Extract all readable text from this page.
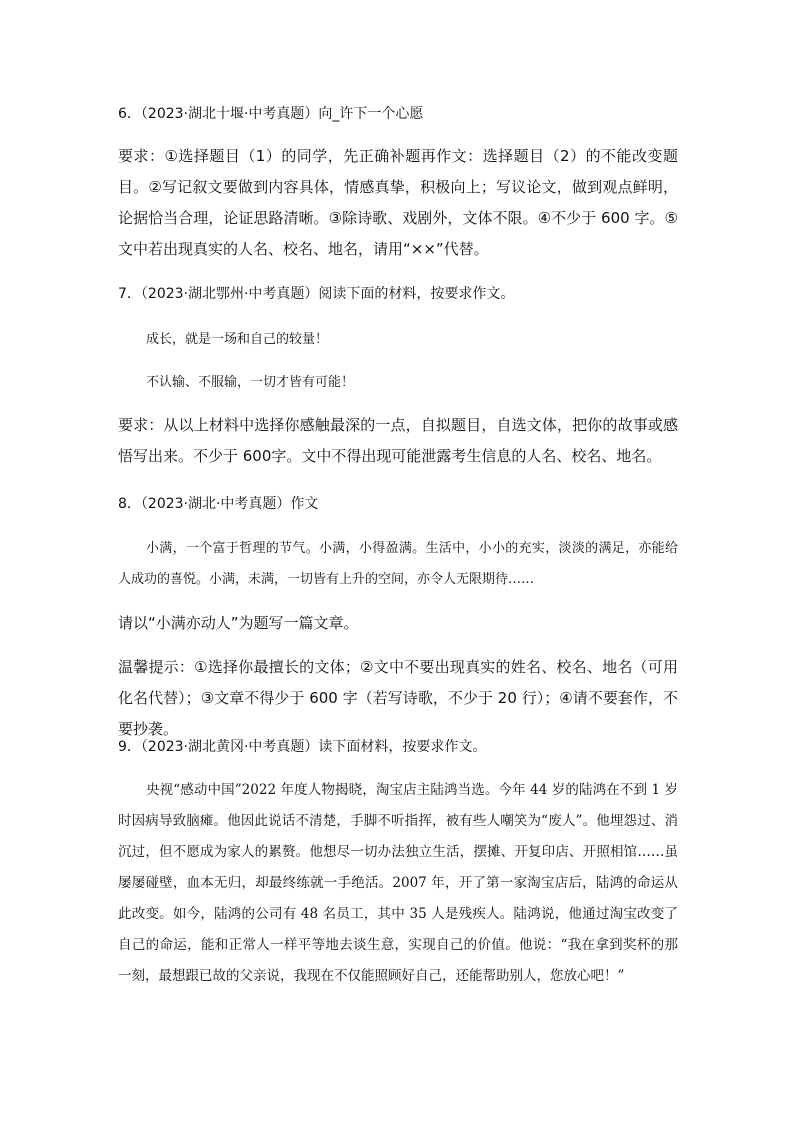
6．（2023·湖北十堰·中考真题）向_许下一个心愿

要求：①选择题目（1）的同学，先正确补题再作文：选择题目（2）的不能改变题目。②写记叙文要做到内容具体，情感真挚，积极向上；写议论文，做到观点鲜明，论据恰当合理，论证思路清晰。③除诗歌、戏剧外，文体不限。④不少于 600 字。⑤文中若出现真实的人名、校名、地名，请用“××”代替。

7．（2023·湖北鄂州·中考真题）阅读下面的材料，按要求作文。

成长，就是一场和自己的较量！

不认输、不服输，一切才皆有可能！

要求：从以上材料中选择你感触最深的一点，自拟题目，自选文体，把你的故事或感悟写出来。不少于 600字。文中不得出现可能泄露考生信息的人名、校名、地名。

8．（2023·湖北·中考真题）作文

小满，一个富于哲理的节气。小满，小得盈满。生活中，小小的充实，淡淡的满足，亦能给人成功的喜悦。小满，未满，一切皆有上升的空间，亦令人无限期待……

请以“小满亦动人”为题写一篇文章。

温馨提示：①选择你最擅长的文体；②文中不要出现真实的姓名、校名、地名（可用化名代替）；③文章不得少于 600 字（若写诗歌，不少于 20 行）；④请不要套作，不要抄袭。

9．（2023·湖北黄冈·中考真题）读下面材料，按要求作文。

央视“感动中国”2022 年度人物揭晓，淘宝店主陆鸿当选。今年 44 岁的陆鸿在不到 1 岁时因病导致脑瘫。他因此说话不清楚，手脚不听指挥，被有些人嘲笑为“废人”。他埋怨过、消沉过，但不愿成为家人的累赘。他想尽一切办法独立生活，摆摊、开复印店、开照相馆……虽屡屡碰壁，血本无归，却最终练就一手绝活。2007 年，开了第一家淘宝店后，陆鸿的命运从此改变。如今，陆鸿的公司有 48 名员工，其中 35 人是残疾人。陆鸿说，他通过淘宝改变了自己的命运，能和正常人一样平等地去谈生意，实现自己的价值。他说：“我在拿到奖杯的那一刻，最想跟已故的父亲说，我现在不仅能照顾好自己，还能帮助别人，您放心吧！”
